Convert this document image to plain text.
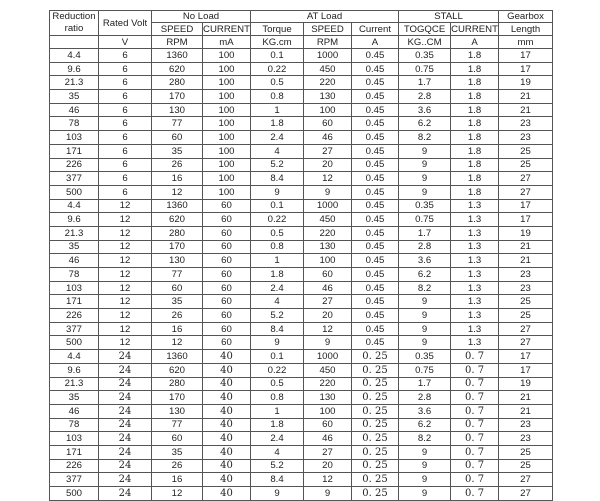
Reduction ratio	Rated Volt	No Load		AT Load			STALL		Gearbox
		SPEED	CURRENT	Torque	SPEED	Current	TOGQCE	CURRENT	Length
	V	RPM	mA	KG.cm	RPM	A	KG..CM	A	mm
4.4	6	1360	100	0.1	1000	0.45	0.35	1.8	17
9.6	6	620	100	0.22	450	0.45	0.75	1.8	17
21.3	6	280	100	0.5	220	0.45	1.7	1.8	19
35	6	170	100	0.8	130	0.45	2.8	1.8	21
46	6	130	100	1	100	0.45	3.6	1.8	21
78	6	77	100	1.8	60	0.45	6.2	1.8	23
103	6	60	100	2.4	46	0.45	8.2	1.8	23
171	6	35	100	4	27	0.45	9	1.8	25
226	6	26	100	5.2	20	0.45	9	1.8	25
377	6	16	100	8.4	12	0.45	9	1.8	27
500	6	12	100	9	9	0.45	9	1.8	27
4.4	12	1360	60	0.1	1000	0.45	0.35	1.3	17
9.6	12	620	60	0.22	450	0.45	0.75	1.3	17
21.3	12	280	60	0.5	220	0.45	1.7	1.3	19
35	12	170	60	0.8	130	0.45	2.8	1.3	21
46	12	130	60	1	100	0.45	3.6	1.3	21
78	12	77	60	1.8	60	0.45	6.2	1.3	23
103	12	60	60	2.4	46	0.45	8.2	1.3	23
171	12	35	60	4	27	0.45	9	1.3	25
226	12	26	60	5.2	20	0.45	9	1.3	25
377	12	16	60	8.4	12	0.45	9	1.3	27
500	12	12	60	9	9	0.45	9	1.3	27
4.4	24	1360	40	0.1	1000	0. 25	0.35	0. 7	17
9.6	24	620	40	0.22	450	0. 25	0.75	0. 7	17
21.3	24	280	40	0.5	220	0. 25	1.7	0. 7	19
35	24	170	40	0.8	130	0. 25	2.8	0. 7	21
46	24	130	40	1	100	0. 25	3.6	0. 7	21
78	24	77	40	1.8	60	0. 25	6.2	0. 7	23
103	24	60	40	2.4	46	0. 25	8.2	0. 7	23
171	24	35	40	4	27	0. 25	9	0. 7	25
226	24	26	40	5.2	20	0. 25	9	0. 7	25
377	24	16	40	8.4	12	0. 25	9	0. 7	27
500	24	12	40	9	9	0. 25	9	0. 7	27
